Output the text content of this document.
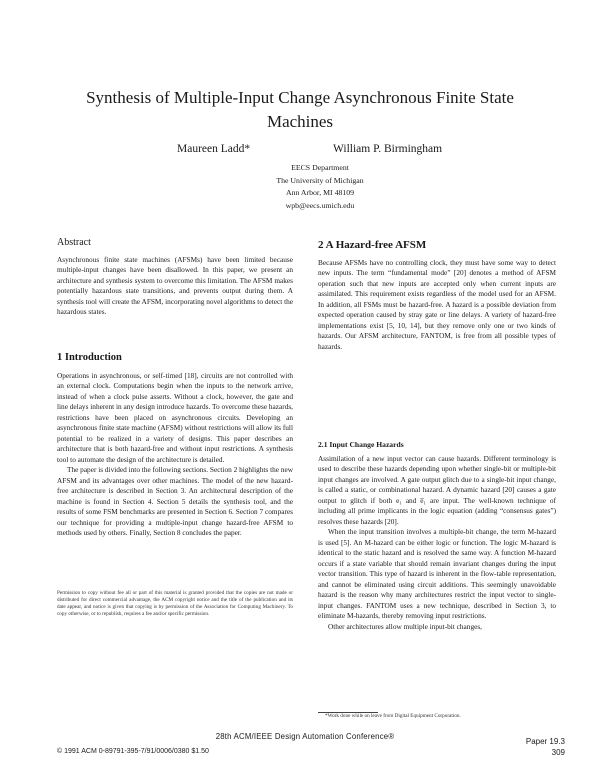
Synthesis of Multiple-Input Change Asynchronous Finite State
Machines
Maureen Ladd*	William P. Birmingham
EECS Department
The University of Michigan
Ann Arbor, MI 48109
wpb@eecs.umich.edu
Abstract

Asynchronous finite state machines (AFSMs) have been limited because multiple-input changes have been disallowed. In this paper, we present an architecture and synthesis system to overcome this limitation. The AFSM makes potentially hazardous state transitions, and prevents output during them. A synthesis tool will create the AFSM, incorporating novel algorithms to detect the hazardous states.

1 Introduction

Operations in asynchronous, or self-timed [18], circuits are not controlled with an external clock. Computations begin when the inputs to the network arrive, instead of when a clock pulse asserts. Without a clock, however, the gate and line delays inherent in any design introduce hazards. To overcome these hazards, restrictions have been placed on asynchronous circuits. Developing an asynchronous finite state machine (AFSM) without restrictions will allow its full potential to be realized in a variety of designs. This paper describes an architecture that is both hazard-free and without input restrictions. A synthesis tool to automate the design of the architecture is detailed.

The paper is divided into the following sections. Section 2 highlights the new AFSM and its advantages over other machines. The model of the new hazard-free architecture is described in Section 3. An architectural description of the machine is found in Section 4. Section 5 details the synthesis tool, and the results of some FSM benchmarks are presented in Section 6. Section 7 compares our technique for providing a multiple-input change hazard-free AFSM to methods used by others. Finally, Section 8 concludes the paper.

Permission to copy without fee all or part of this material is granted provided that the copies are not made or distributed for direct commercial advantage, the ACM copyright notice and the title of the publication and its date appear, and notice is given that copying is by permission of the Association for Computing Machinery. To copy otherwise, or to republish, requires a fee and/or specific permission.
2 A Hazard-free AFSM

Because AFSMs have no controlling clock, they must have some way to detect new inputs. The term “fundamental mode” [20] denotes a method of AFSM operation such that new inputs are accepted only when current inputs are assimilated. This requirement exists regardless of the model used for an AFSM. In addition, all FSMs must be hazard-free. A hazard is a possible deviation from expected operation caused by stray gate or line delays. A variety of hazard-free implementations exist [5, 10, 14], but they remove only one or two kinds of hazards. Our AFSM architecture, FANTOM, is free from all possible types of hazards.

2.1 Input Change Hazards

Assimilation of a new input vector can cause hazards. Different terminology is used to describe these hazards depending upon whether single-bit or multiple-bit input changes are involved. A gate output glitch due to a single-bit input change, is called a static, or combinational hazard. A dynamic hazard [20] causes a gate output to glitch if both e₁ and e̅₁ are input. The well-known technique of including all prime implicants in the logic equation (adding “consensus gates”) resolves these hazards [20].

When the input transition involves a multiple-bit change, the term M-hazard is used [5]. An M-hazard can be either logic or function. The logic M-hazard is identical to the static hazard and is resolved the same way. A function M-hazard occurs if a state variable that should remain invariant changes during the input vector transition. This type of hazard is inherent in the flow-table representation, and cannot be eliminated using circuit additions. This seemingly unavoidable hazard is the reason why many architectures restrict the input vector to single-input changes. FANTOM uses a new technique, described in Section 3, to eliminate M-hazards, thereby removing input restrictions.

Other architectures allow multiple input-bit changes,

*Work done while on leave from Digital Equipment Corporation.
28th ACM/IEEE Design Automation Conference®
© 1991 ACM 0-89791-395-7/91/0006/0380 $1.50
Paper 19.3
309
